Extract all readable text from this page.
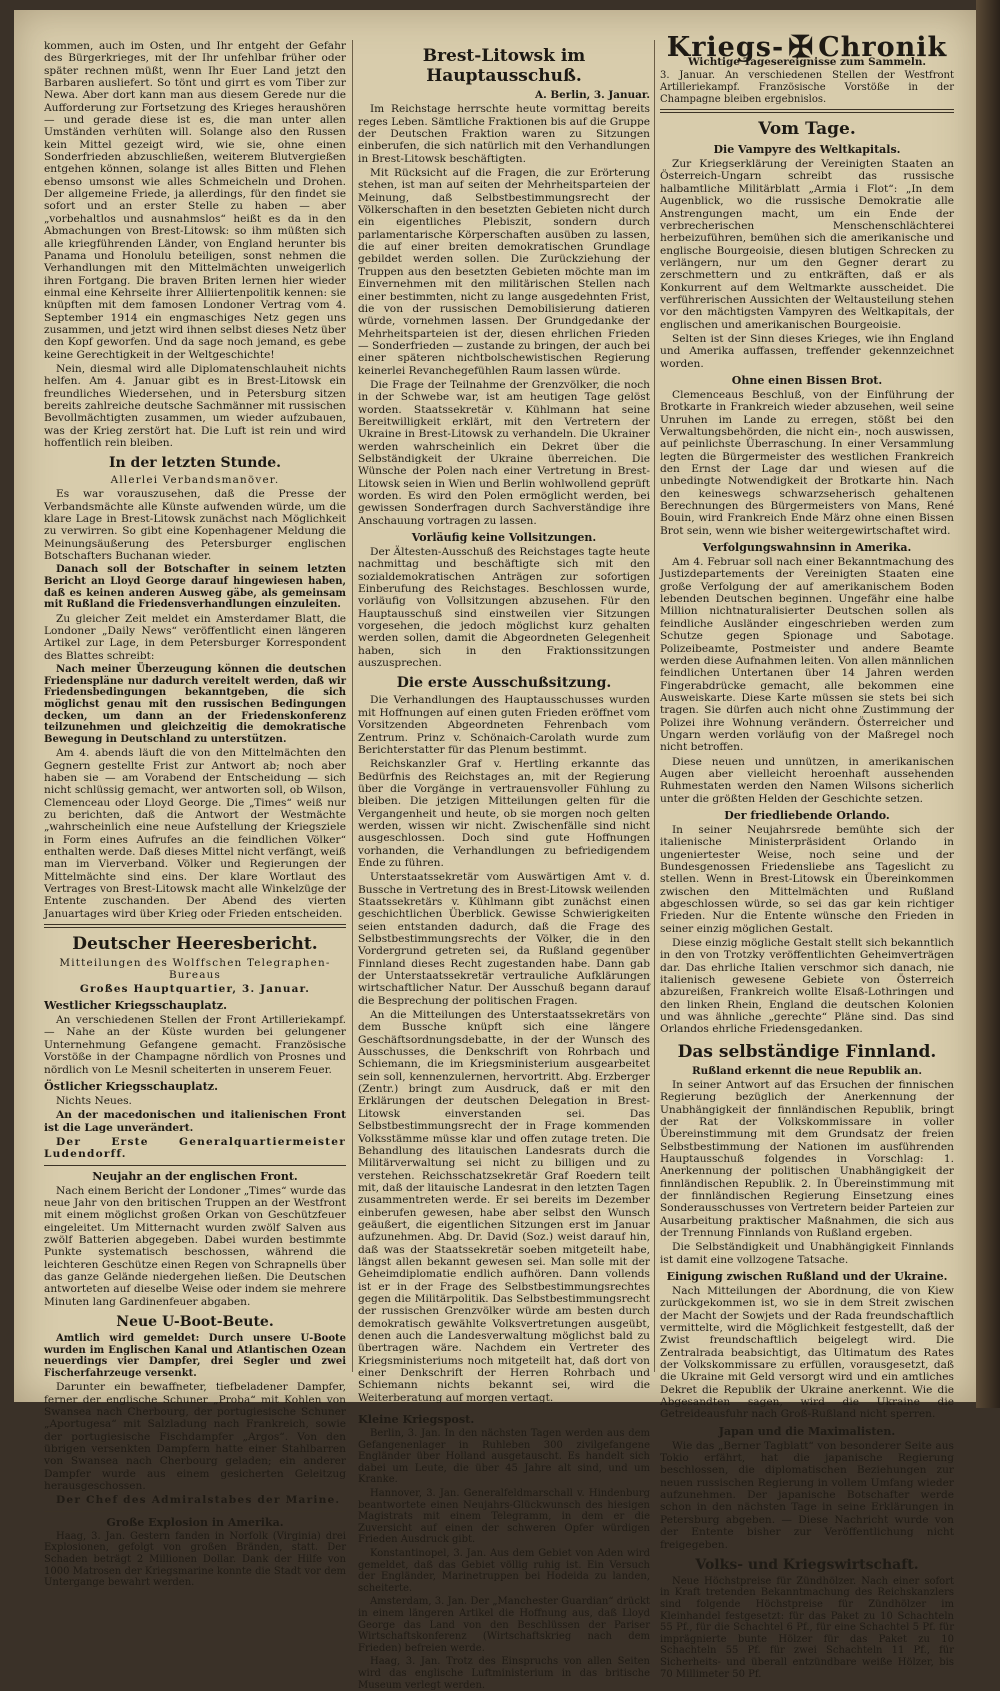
kommen, auch im Osten, und Ihr entgeht der Gefahr des Bürgerkrieges, mit der Ihr unfehlbar früher oder später rechnen müßt, wenn Ihr Euer Land jetzt den Barbaren ausliefert. So tönt und girrt es vom Tiber zur Newa. Aber dort kann man aus diesem Gerede nur die Aufforderung zur Fortsetzung des Krieges heraushören — und gerade diese ist es, die man unter allen Umständen verhüten will. Solange also den Russen kein Mittel gezeigt wird, wie sie, ohne einen Sonderfrieden abzuschließen, weiterem Blutvergießen entgehen können, solange ist alles Bitten und Flehen ebenso umsonst wie alles Schmeicheln und Drohen. Der allgemeine Friede, ja allerdings, für den findet sie sofort und an erster Stelle zu haben — aber „vorbehaltlos und ausnahmslos“ heißt es da in den Abmachungen von Brest-Litowsk: so ihm müßten sich alle kriegführenden Länder, von England herunter bis Panama und Honolulu beteiligen, sonst nehmen die Verhandlungen mit den Mittelmächten unweigerlich ihren Fortgang. Die braven Briten lernen hier wieder einmal eine Kehrseite ihrer Alliiertenpolitik kennen: sie knüpften mit dem famosen Londoner Vertrag vom 4. September 1914 ein engmaschiges Netz gegen uns zusammen, und jetzt wird ihnen selbst dieses Netz über den Kopf geworfen. Und da sage noch jemand, es gebe keine Gerechtigkeit in der Weltgeschichte!

Nein, diesmal wird alle Diplomatenschlauheit nichts helfen. Am 4. Januar gibt es in Brest-Litowsk ein freundliches Wiedersehen, und in Petersburg sitzen bereits zahlreiche deutsche Sachmänner mit russischen Bevollmächtigten zusammen, um wieder aufzubauen, was der Krieg zerstört hat. Die Luft ist rein und wird hoffentlich rein bleiben.

In der letzten Stunde.
Allerlei Verbandsmanöver.

Es war vorauszusehen, daß die Presse der Verbandsmächte alle Künste aufwenden würde, um die klare Lage in Brest-Litowsk zunächst nach Möglichkeit zu verwirren. So gibt eine Kopenhagener Meldung die Meinungsäußerung des Petersburger englischen Botschafters Buchanan wieder.

Danach soll der Botschafter in seinem letzten Bericht an Lloyd George darauf hingewiesen haben, daß es keinen anderen Ausweg gäbe, als gemeinsam mit Rußland die Friedensverhandlungen einzuleiten.

Zu gleicher Zeit meldet ein Amsterdamer Blatt, die Londoner „Daily News“ veröffentlicht einen längeren Artikel zur Lage, in dem Petersburger Korrespondent des Blattes schreibt:

Nach meiner Überzeugung können die deutschen Friedenspläne nur dadurch vereitelt werden, daß wir Friedensbedingungen bekanntgeben, die sich möglichst genau mit den russischen Bedingungen decken, um dann an der Friedenskonferenz teilzunehmen und gleichzeitig die demokratische Bewegung in Deutschland zu unterstützen.

Am 4. abends läuft die von den Mittelmächten den Gegnern gestellte Frist zur Antwort ab; noch aber haben sie — am Vorabend der Entscheidung — sich nicht schlüssig gemacht, wer antworten soll, ob Wilson, Clemenceau oder Lloyd George. Die „Times“ weiß nur zu berichten, daß die Antwort der Westmächte „wahrscheinlich eine neue Aufstellung der Kriegsziele in Form eines Aufrufes an die feindlichen Völker“ enthalten werde. Daß dieses Mittel nicht verfängt, weiß man im Vierverband. Völker und Regierungen der Mittelmächte sind eins. Der klare Wortlaut des Vertrages von Brest-Litowsk macht alle Winkelzüge der Entente zuschanden. Der Abend des vierten Januartages wird über Krieg oder Frieden entscheiden.

Deutscher Heeresbericht.
Mitteilungen des Wolffschen Telegraphen-Bureaus
Großes Hauptquartier, 3. Januar.
Westlicher Kriegsschauplatz.

An verschiedenen Stellen der Front Artilleriekampf. — Nahe an der Küste wurden bei gelungener Unternehmung Gefangene gemacht. Französische Vorstöße in der Champagne nördlich von Prosnes und nördlich von Le Mesnil scheiterten in unserem Feuer.

Östlicher Kriegsschauplatz.

Nichts Neues.

An der macedonischen und italienischen Front ist die Lage unverändert.

Der Erste Generalquartiermeister Ludendorff.

Neujahr an der englischen Front.

Nach einem Bericht der Londoner „Times“ wurde das neue Jahr von den britischen Truppen an der Westfront mit einem möglichst großen Orkan von Geschützfeuer eingeleitet. Um Mitternacht wurden zwölf Salven aus zwölf Batterien abgegeben. Dabei wurden bestimmte Punkte systematisch beschossen, während die leichteren Geschütze einen Regen von Schrapnells über das ganze Gelände niedergehen ließen. Die Deutschen antworteten auf dieselbe Weise oder indem sie mehrere Minuten lang Gardinenfeuer abgaben.

Neue U-Boot-Beute.

Amtlich wird gemeldet: Durch unsere U-Boote wurden im Englischen Kanal und Atlantischen Ozean neuerdings vier Dampfer, drei Segler und zwei Fischerfahrzeuge versenkt.

Darunter ein bewaffneter, tiefbeladener Dampfer, ferner der englische Schuner „Proba“ mit Kohlen von Swansea nach Cherbourg, der portugiesische Schuner „Aportugesa“ mit Salzladung nach Frankreich, sowie der portugiesische Fischdampfer „Argos“. Von den übrigen versenkten Dampfern hatte einer Stahlbarren von Swansea nach Cherbourg geladen; ein anderer Dampfer wurde aus einem gesicherten Geleitzug herausgeschossen.

Der Chef des Admiralstabes der Marine.

Große Explosion in Amerika.

Haag, 3. Jan. Gestern fanden in Norfolk (Virginia) drei Explosionen, gefolgt von großen Bränden, statt. Der Schaden beträgt 2 Millionen Dollar. Dank der Hilfe von 1000 Matrosen der Kriegsmarine konnte die Stadt vor dem Untergange bewahrt werden.

Brest-Litowsk im Hauptausschuß.
A. Berlin, 3. Januar.

Im Reichstage herrschte heute vormittag bereits reges Leben. Sämtliche Fraktionen bis auf die Gruppe der Deutschen Fraktion waren zu Sitzungen einberufen, die sich natürlich mit den Verhandlungen in Brest-Litowsk beschäftigten.

Mit Rücksicht auf die Fragen, die zur Erörterung stehen, ist man auf seiten der Mehrheitsparteien der Meinung, daß Selbstbestimmungsrecht der Völkerschaften in den besetzten Gebieten nicht durch ein eigentliches Plebiszit, sondern durch parlamentarische Körperschaften ausüben zu lassen, die auf einer breiten demokratischen Grundlage gebildet werden sollen. Die Zurückziehung der Truppen aus den besetzten Gebieten möchte man im Einvernehmen mit den militärischen Stellen nach einer bestimmten, nicht zu lange ausgedehnten Frist, die von der russischen Demobilisierung datieren würde, vornehmen lassen. Der Grundgedanke der Mehrheitsparteien ist der, diesen ehrlichen Frieden — Sonderfrieden — zustande zu bringen, der auch bei einer späteren nichtbolschewistischen Regierung keinerlei Revanchegefühlen Raum lassen würde.

Die Frage der Teilnahme der Grenzvölker, die noch in der Schwebe war, ist am heutigen Tage gelöst worden. Staatssekretär v. Kühlmann hat seine Bereitwilligkeit erklärt, mit den Vertretern der Ukraine in Brest-Litowsk zu verhandeln. Die Ukrainer werden wahrscheinlich ein Dekret über die Selbständigkeit der Ukraine überreichen. Die Wünsche der Polen nach einer Vertretung in Brest-Litowsk seien in Wien und Berlin wohlwollend geprüft worden. Es wird den Polen ermöglicht werden, bei gewissen Sonderfragen durch Sachverständige ihre Anschauung vortragen zu lassen.

Vorläufig keine Vollsitzungen.

Der Ältesten-Ausschuß des Reichstages tagte heute nachmittag und beschäftigte sich mit den sozialdemokratischen Anträgen zur sofortigen Einberufung des Reichstages. Beschlossen wurde, vorläufig von Vollsitzungen abzusehen. Für den Hauptausschuß sind einstweilen vier Sitzungen vorgesehen, die jedoch möglichst kurz gehalten werden sollen, damit die Abgeordneten Gelegenheit haben, sich in den Fraktionssitzungen auszusprechen.

Die erste Ausschußsitzung.

Die Verhandlungen des Hauptausschusses wurden mit Hoffnungen auf einen guten Frieden eröffnet vom Vorsitzenden Abgeordneten Fehrenbach vom Zentrum. Prinz v. Schönaich-Carolath wurde zum Berichterstatter für das Plenum bestimmt.

Reichskanzler Graf v. Hertling erkannte das Bedürfnis des Reichstages an, mit der Regierung über die Vorgänge in vertrauensvoller Fühlung zu bleiben. Die jetzigen Mitteilungen gelten für die Vergangenheit und heute, ob sie morgen noch gelten werden, wissen wir nicht. Zwischenfälle sind nicht ausgeschlossen. Doch sind gute Hoffnungen vorhanden, die Verhandlungen zu befriedigendem Ende zu führen.

Unterstaatssekretär vom Auswärtigen Amt v. d. Bussche in Vertretung des in Brest-Litowsk weilenden Staatssekretärs v. Kühlmann gibt zunächst einen geschichtlichen Überblick. Gewisse Schwierigkeiten seien entstanden dadurch, daß die Frage des Selbstbestimmungsrechts der Völker, die in den Vordergrund getreten sei, da Rußland gegenüber Finnland dieses Recht zugestanden habe. Dann gab der Unterstaatssekretär vertrauliche Aufklärungen wirtschaftlicher Natur. Der Ausschuß begann darauf die Besprechung der politischen Fragen.

An die Mitteilungen des Unterstaatssekretärs von dem Bussche knüpft sich eine längere Geschäftsordnungsdebatte, in der der Wunsch des Ausschusses, die Denkschrift von Rohrbach und Schiemann, die im Kriegsministerium ausgearbeitet sein soll, kennenzulernen, hervortritt. Abg. Erzberger (Zentr.) bringt zum Ausdruck, daß er mit den Erklärungen der deutschen Delegation in Brest-Litowsk einverstanden sei. Das Selbstbestimmungsrecht der in Frage kommenden Volksstämme müsse klar und offen zutage treten. Die Behandlung des litauischen Landesrats durch die Militärverwaltung sei nicht zu billigen und zu verstehen. Reichsschatzsekretär Graf Roedern teilt mit, daß der litauische Landesrat in den letzten Tagen zusammentreten werde. Er sei bereits im Dezember einberufen gewesen, habe aber selbst den Wunsch geäußert, die eigentlichen Sitzungen erst im Januar aufzunehmen. Abg. Dr. David (Soz.) weist darauf hin, daß was der Staatssekretär soeben mitgeteilt habe, längst allen bekannt gewesen sei. Man solle mit der Geheimdiplomatie endlich aufhören. Dann vollends ist er in der Frage des Selbstbestimmungsrechtes gegen die Militärpolitik. Das Selbstbestimmungsrecht der russischen Grenzvölker würde am besten durch demokratisch gewählte Volksvertretungen ausgeübt, denen auch die Landesverwaltung möglichst bald zu übertragen wäre. Nachdem ein Vertreter des Kriegsministeriums noch mitgeteilt hat, daß dort von einer Denkschrift der Herren Rohrbach und Schiemann nichts bekannt sei, wird die Weiterberatung auf morgen vertagt.

Kleine Kriegspost.

Berlin, 3. Jan. In den nächsten Tagen werden aus dem Gefangenenlager in Ruhleben 300 zivilgefangene Engländer über Holland ausgetauscht. Es handelt sich dabei um Leute, die über 45 Jahre alt sind, und um Kranke.

Hannover, 3. Jan. Generalfeldmarschall v. Hindenburg beantwortete einen Neujahrs-Glückwunsch des hiesigen Magistrats mit einem Telegramm, in dem er die Zuversicht auf einen der schweren Opfer würdigen Frieden Ausdruck gibt.

Konstantinopel, 3. Jan. Aus dem Gebiet von Aden wird gemeldet, daß das Gebiet völlig ruhig ist. Ein Versuch der Engländer, Marinetruppen bei Hodeida zu landen, scheiterte.

Amsterdam, 3. Jan. Der „Manchester Guardian“ drückt in einem längeren Artikel die Hoffnung aus, daß Lloyd George das Land von den Beschlüssen der Pariser Wirtschaftskonferenz (Wirtschaftskrieg nach dem Frieden) befreien werde.

Haag, 3. Jan. Trotz des Einspruchs von allen Seiten wird das englische Luftministerium in das britische Museum verlegt werden.

Kriegs- ✠ Chronik
Wichtige Tagesereignisse zum Sammeln.

3. Januar. An verschiedenen Stellen der Westfront Artilleriekampf. Französische Vorstöße in der Champagne bleiben ergebnislos.

Vom Tage.
Die Vampyre des Weltkapitals.

Zur Kriegserklärung der Vereinigten Staaten an Österreich-Ungarn schreibt das russische halbamtliche Militärblatt „Armia i Flot“: „In dem Augenblick, wo die russische Demokratie alle Anstrengungen macht, um ein Ende der verbrecherischen Menschenschlächterei herbeizuführen, bemühen sich die amerikanische und englische Bourgeoisie, diesen blutigen Schrecken zu verlängern, nur um den Gegner derart zu zerschmettern und zu entkräften, daß er als Konkurrent auf dem Weltmarkte ausscheidet. Die verführerischen Aussichten der Weltausteilung stehen vor den mächtigsten Vampyren des Weltkapitals, der englischen und amerikanischen Bourgeoisie.

Selten ist der Sinn dieses Krieges, wie ihn England und Amerika auffassen, treffender gekennzeichnet worden.

Ohne einen Bissen Brot.

Clemenceaus Beschluß, von der Einführung der Brotkarte in Frankreich wieder abzusehen, weil seine Unruhen im Lande zu erregen, stößt bei den Verwaltungsbehörden, die nicht ein-, noch auswissen, auf peinlichste Überraschung. In einer Versammlung legten die Bürgermeister des westlichen Frankreich den Ernst der Lage dar und wiesen auf die unbedingte Notwendigkeit der Brotkarte hin. Nach den keineswegs schwarzseherisch gehaltenen Berechnungen des Bürgermeisters von Mans, René Bouin, wird Frankreich Ende März ohne einen Bissen Brot sein, wenn wie bisher weitergewirtschaftet wird.

Verfolgungswahnsinn in Amerika.

Am 4. Februar soll nach einer Bekanntmachung des Justizdepartements der Vereinigten Staaten eine große Verfolgung der auf amerikanischem Boden lebenden Deutschen beginnen. Ungefähr eine halbe Million nichtnaturalisierter Deutschen sollen als feindliche Ausländer eingeschrieben werden zum Schutze gegen Spionage und Sabotage. Polizeibeamte, Postmeister und andere Beamte werden diese Aufnahmen leiten. Von allen männlichen feindlichen Untertanen über 14 Jahren werden Fingerabdrücke gemacht, alle bekommen eine Ausweiskarte. Diese Karte müssen sie stets bei sich tragen. Sie dürfen auch nicht ohne Zustimmung der Polizei ihre Wohnung verändern. Österreicher und Ungarn werden vorläufig von der Maßregel noch nicht betroffen.

Diese neuen und unnützen, in amerikanischen Augen aber vielleicht heroenhaft aussehenden Ruhmestaten werden den Namen Wilsons sicherlich unter die größten Helden der Geschichte setzen.

Der friedliebende Orlando.

In seiner Neujahrsrede bemühte sich der italienische Ministerpräsident Orlando in ungeniertester Weise, noch seine und der Bundesgenossen Friedensliebe ans Tageslicht zu stellen. Wenn in Brest-Litowsk ein Übereinkommen zwischen den Mittelmächten und Rußland abgeschlossen würde, so sei das gar kein richtiger Frieden. Nur die Entente wünsche den Frieden in seiner einzig möglichen Gestalt.

Diese einzig mögliche Gestalt stellt sich bekanntlich in den von Trotzky veröffentlichten Geheimverträgen dar. Das ehrliche Italien verschmor sich danach, nie italienisch gewesene Gebiete von Österreich abzureißen, Frankreich wollte Elsaß-Lothringen und den linken Rhein, England die deutschen Kolonien und was ähnliche „gerechte“ Pläne sind. Das sind Orlandos ehrliche Friedensgedanken.

Das selbständige Finnland.
Rußland erkennt die neue Republik an.

In seiner Antwort auf das Ersuchen der finnischen Regierung bezüglich der Anerkennung der Unabhängigkeit der finnländischen Republik, bringt der Rat der Volkskommissare in voller Übereinstimmung mit dem Grundsatz der freien Selbstbestimmung der Nationen im ausführenden Hauptausschuß folgendes in Vorschlag: 1. Anerkennung der politischen Unabhängigkeit der finnländischen Republik. 2. In Übereinstimmung mit der finnländischen Regierung Einsetzung eines Sonderausschusses von Vertretern beider Parteien zur Ausarbeitung praktischer Maßnahmen, die sich aus der Trennung Finnlands von Rußland ergeben.

Die Selbständigkeit und Unabhängigkeit Finnlands ist damit eine vollzogene Tatsache.

Einigung zwischen Rußland und der Ukraine.

Nach Mitteilungen der Abordnung, die von Kiew zurückgekommen ist, wo sie in dem Streit zwischen der Macht der Sowjets und der Rada freundschaftlich vermittelte, wird die Möglichkeit festgestellt, daß der Zwist freundschaftlich beigelegt wird. Die Zentralrada beabsichtigt, das Ultimatum des Rates der Volkskommissare zu erfüllen, vorausgesetzt, daß die Ukraine mit Geld versorgt wird und ein amtliches Dekret die Republik der Ukraine anerkennt. Wie die Abgesandten sagen, wird die Ukraine die Getreideausfuhr nach Groß-Rußland nicht sperren.

Japan und die Maximalisten.

Wie das „Berner Tagblatt“ von besonderer Seite aus Tokio erfährt, hat die japanische Regierung beschlossen, die diplomatischen Beziehungen zur neuen russischen Regierung in vollem Umfang wieder aufzunehmen. Der japanische Botschafter werde schon in den nächsten Tage in seine Erklärungen in Petersburg abgeben. — Diese Nachricht wurde von der Entente bisher zur Veröffentlichung nicht freigegeben.

Volks- und Kriegswirtschaft.

Neue Höchstpreise für Zündhölzer. Nach einer sofort in Kraft tretenden Bekanntmachung des Reichskanzlers sind folgende Höchstpreise für Zündhölzer im Kleinhandel festgesetzt: für das Paket zu 10 Schachteln 55 Pf., für die Schachtel 6 Pf., für eine Schachtel 5 Pf. für imprägnierte bunte Hölzer für das Paket zu 10 Schachteln 55 Pf. für zwei Schachteln 11 Pf., für Sicherheits- und überall entzündbare weiße Hölzer, bis 70 Millimeter 50 Pf.
